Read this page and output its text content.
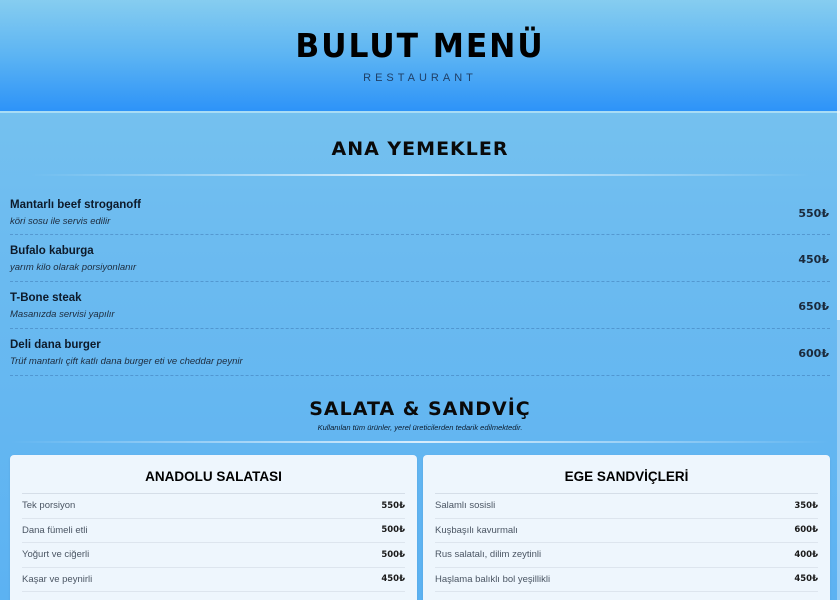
BULUT MENÜ
RESTAURANT
ANA YEMEKLER
Mantarlı beef stroganoff
köri sosu ile servis edilir
550₺
Bufalo kaburga
yarım kilo olarak porsiyonlanır
450₺
T-Bone steak
Masanızda servisi yapılır
650₺
Deli dana burger
Trüf mantarlı çift katlı dana burger eti ve cheddar peynir
600₺
SALATA & SANDVİÇ
Kullanılan tüm ürünler, yerel üreticilerden tedarik edilmektedir.
ANADOLU SALATASI
Tek porsiyon	550₺
Dana fümeli etli	500₺
Yoğurt ve ciğerli	500₺
Kaşar ve peynirli	450₺
EGE SANDVİÇLERİ
Salamlı sosisli	350₺
Kuşbaşılı kavurmalı	600₺
Rus salatalı, dilim zeytinli	400₺
Haşlama balıklı bol yeşillikli	450₺
